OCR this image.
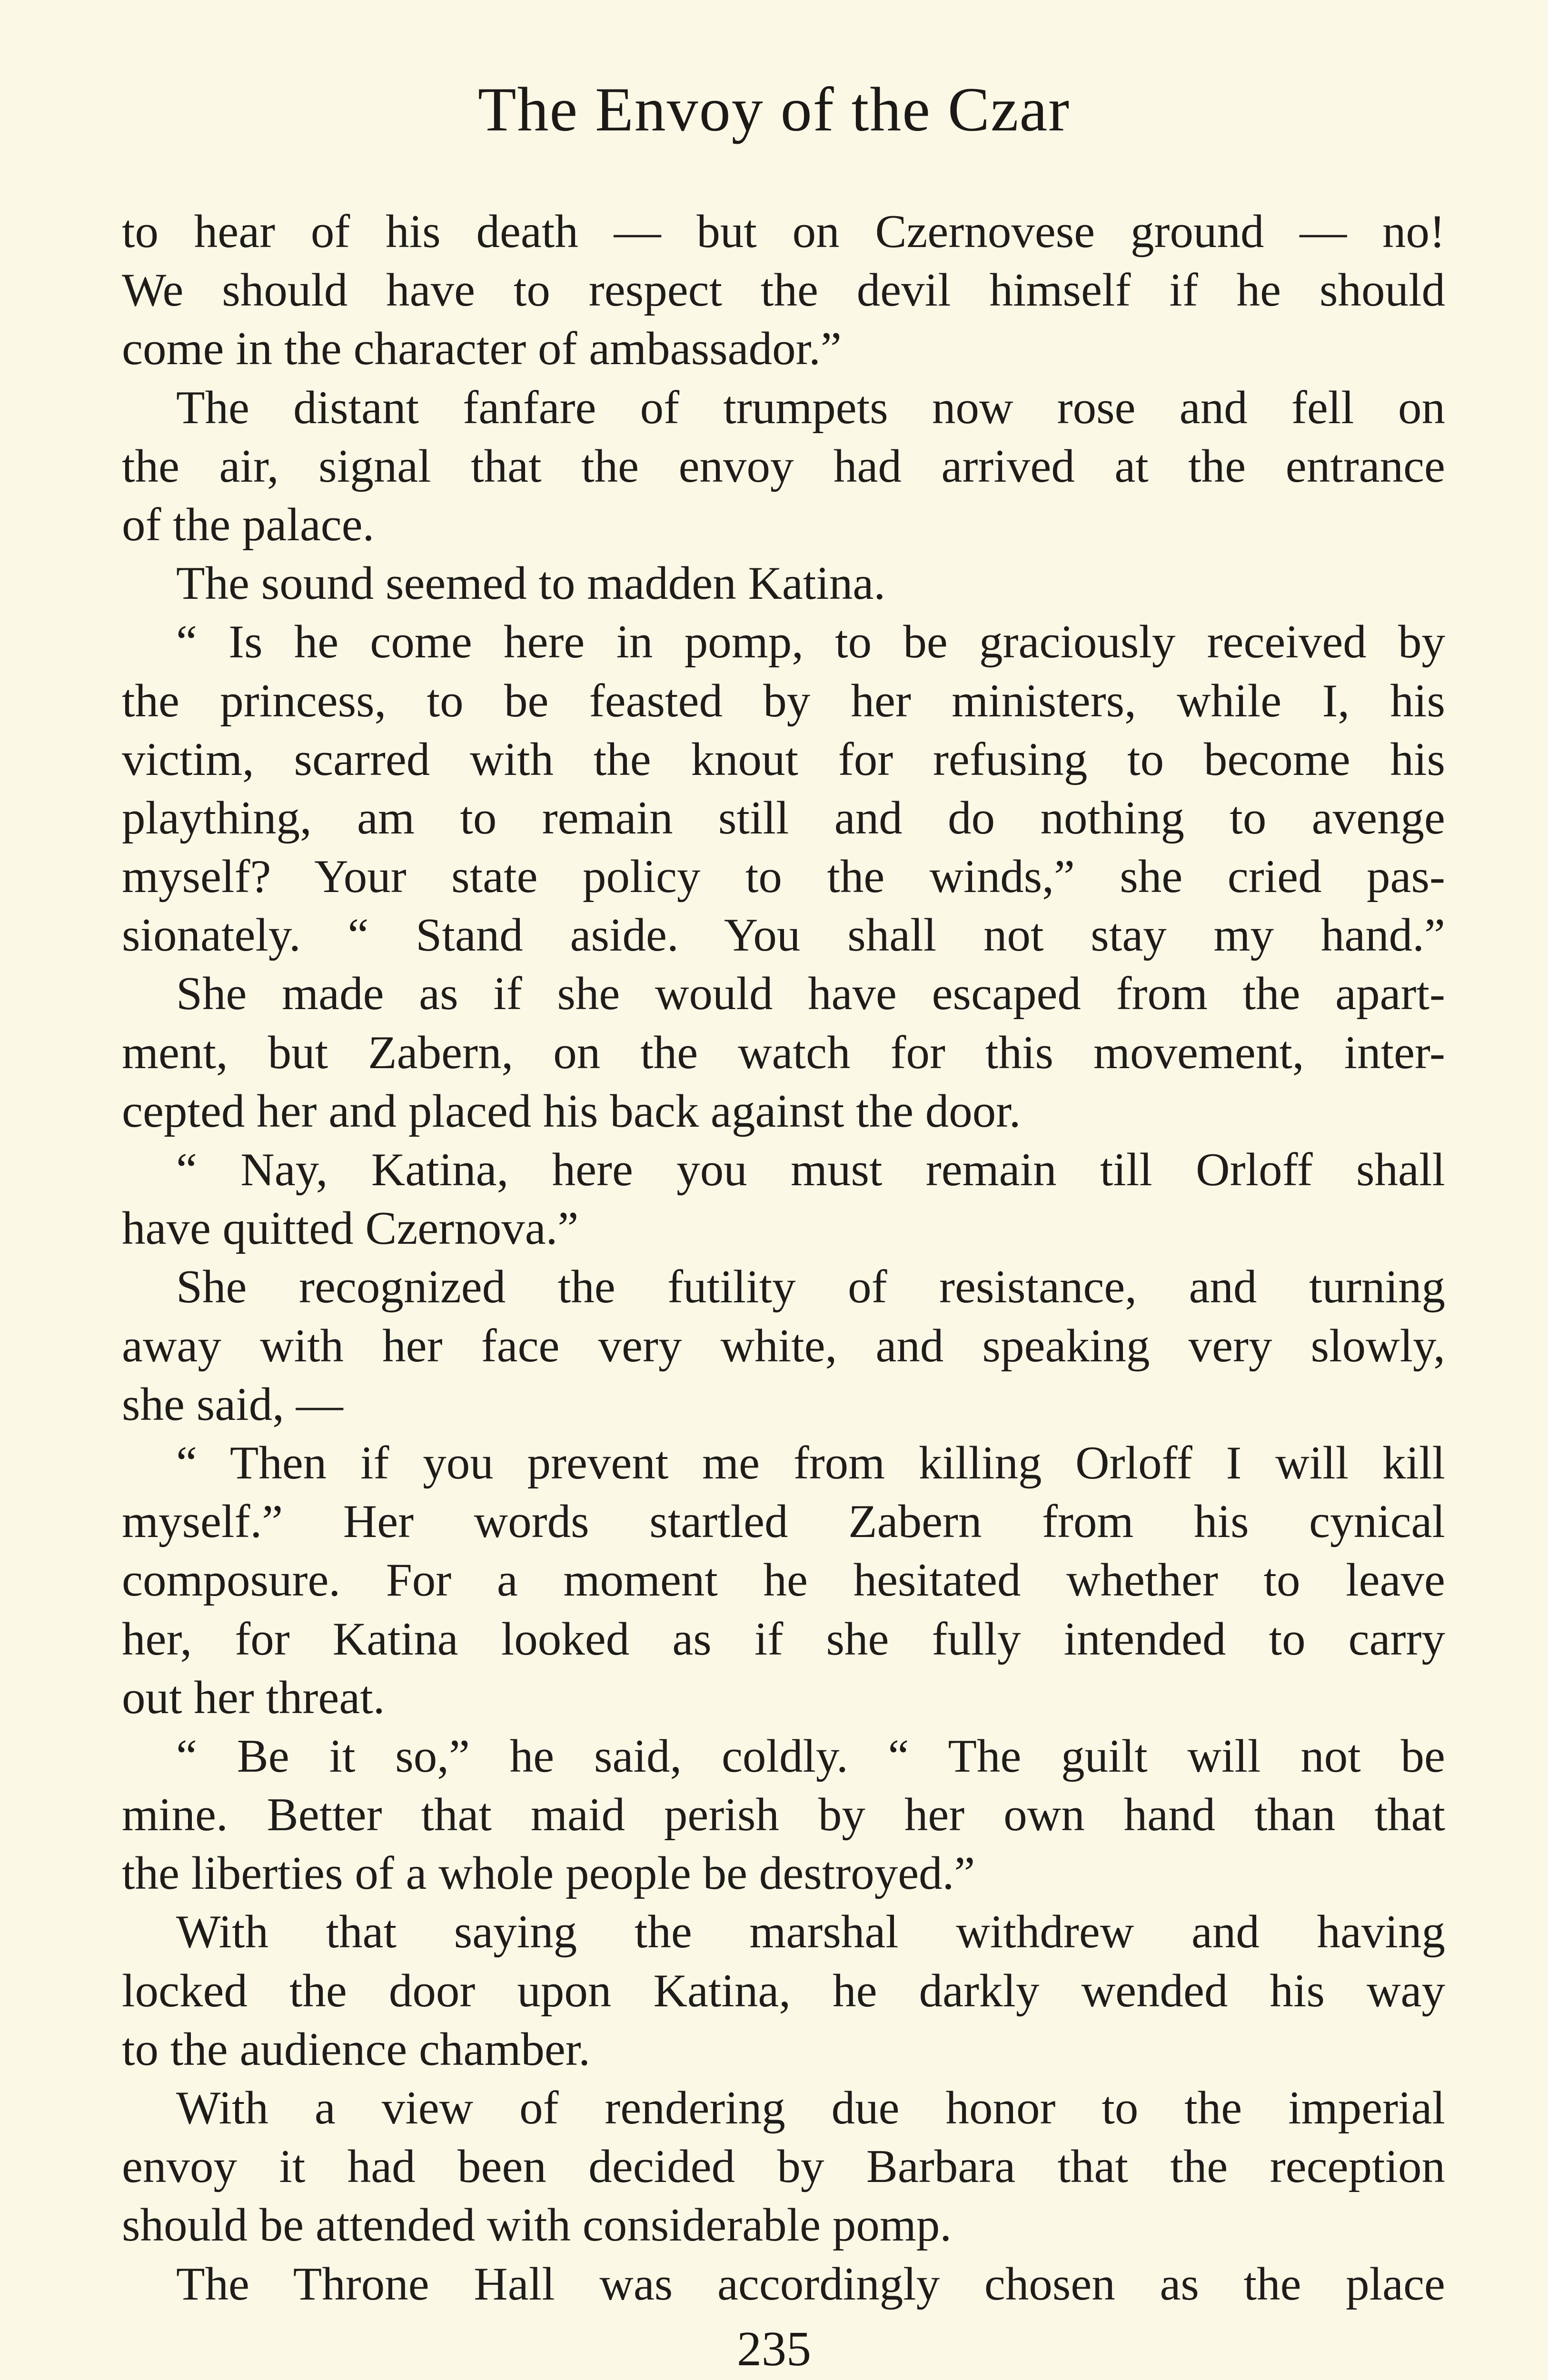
The Envoy of the Czar
to hear of his death — but on Czernovese ground — no!
We should have to respect the devil himself if he should
come in the character of ambassador.”
The distant fanfare of trumpets now rose and fell on
the air, signal that the envoy had arrived at the entrance
of the palace.
The sound seemed to madden Katina.
“ Is he come here in pomp, to be graciously received by
the princess, to be feasted by her ministers, while I, his
victim, scarred with the knout for refusing to become his
plaything, am to remain still and do nothing to avenge
myself? Your state policy to the winds,” she cried pas-
sionately. “ Stand aside. You shall not stay my hand.”
She made as if she would have escaped from the apart-
ment, but Zabern, on the watch for this movement, inter-
cepted her and placed his back against the door.
“ Nay, Katina, here you must remain till Orloff shall
have quitted Czernova.”
She recognized the futility of resistance, and turning
away with her face very white, and speaking very slowly,
she said, —
“ Then if you prevent me from killing Orloff I will kill
myself.” Her words startled Zabern from his cynical
composure. For a moment he hesitated whether to leave
her, for Katina looked as if she fully intended to carry
out her threat.
“ Be it so,” he said, coldly. “ The guilt will not be
mine. Better that maid perish by her own hand than that
the liberties of a whole people be destroyed.”
With that saying the marshal withdrew and having
locked the door upon Katina, he darkly wended his way
to the audience chamber.
With a view of rendering due honor to the imperial
envoy it had been decided by Barbara that the reception
should be attended with considerable pomp.
The Throne Hall was accordingly chosen as the place
235
